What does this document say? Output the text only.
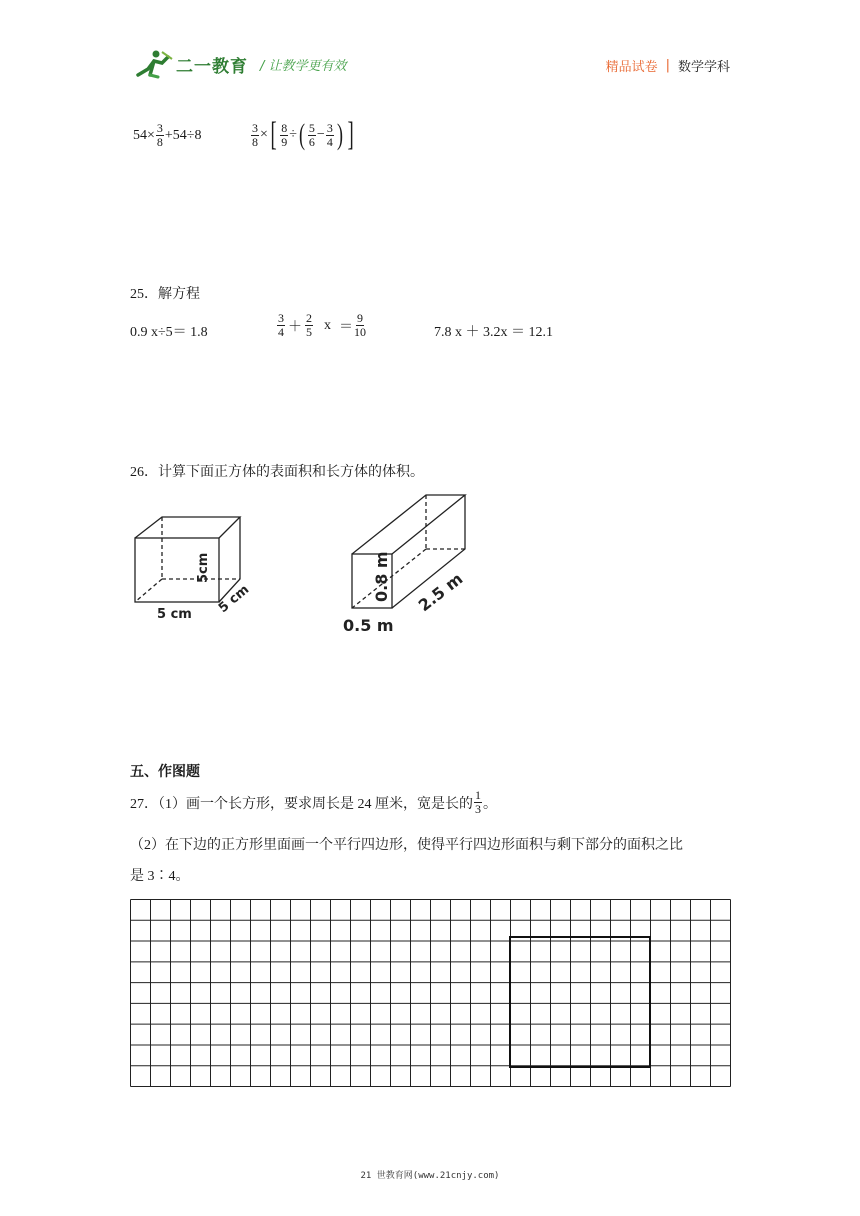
二一教育 / 让教学更有效	精品试卷 | 数学学科
$54 \times \frac{3}{8} +54\div 8$	$\frac{3}{8}$ × [ $\frac{8}{9}$ ÷ ( $\frac{5}{6} - \frac{3}{4}$ ) ]
25．解方程
0.9 x÷5＝ 1.8	$\frac{3}{4} + \frac{2}{5}$ $x = \frac{9}{10}$	7.8 x ＋ 3.2x ＝ 12.1
26．计算下面正方体的表面积和长方体的体积。
5cm
5 cm
5 cm
0.8 m 2.5 m
0.5 m
五、作图题
27．（1）画一个长方形，要求周长是 24 厘米，宽是长的 $\frac{1}{3}$ 。
（2）在下边的正方形里面画一个平行四边形，使得平行四边形面积与剩下部分的面积之比
是 3∶4。
21 世教育网(www.21cnjy.com)
